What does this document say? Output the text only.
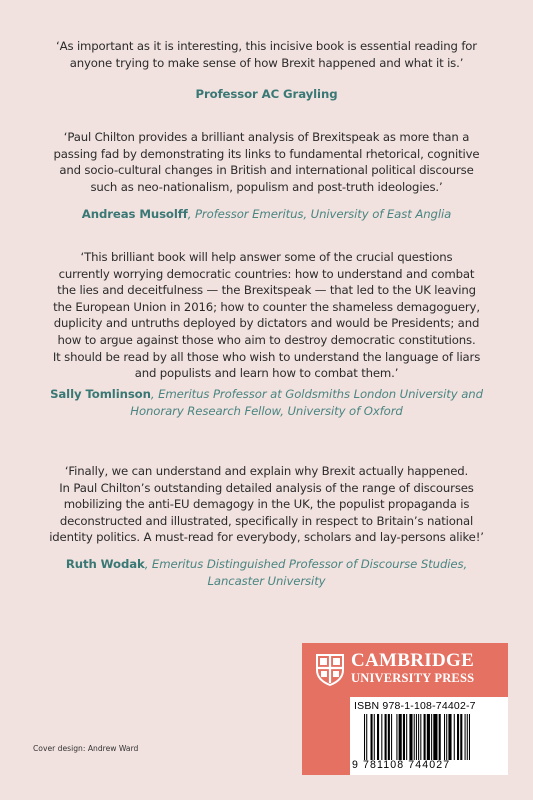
‘As important as it is interesting, this incisive book is essential reading for
anyone trying to make sense of how Brexit happened and what it is.’
Professor AC Grayling
‘Paul Chilton provides a brilliant analysis of Brexitspeak as more than a
passing fad by demonstrating its links to fundamental rhetorical, cognitive
and socio-cultural changes in British and international political discourse
such as neo-nationalism, populism and post-truth ideologies.’
Andreas Musolff, Professor Emeritus, University of East Anglia
‘This brilliant book will help answer some of the crucial questions
currently worrying democratic countries: how to understand and combat
the lies and deceitfulness — the Brexitspeak — that led to the UK leaving
the European Union in 2016; how to counter the shameless demagoguery,
duplicity and untruths deployed by dictators and would be Presidents; and
how to argue against those who aim to destroy democratic constitutions.
It should be read by all those who wish to understand the language of liars
and populists and learn how to combat them.’
Sally Tomlinson, Emeritus Professor at Goldsmiths London University and
Honorary Research Fellow, University of Oxford
‘Finally, we can understand and explain why Brexit actually happened.
In Paul Chilton’s outstanding detailed analysis of the range of discourses
mobilizing the anti-EU demagogy in the UK, the populist propaganda is
deconstructed and illustrated, specifically in respect to Britain’s national
identity politics. A must-read for everybody, scholars and lay-persons alike!’
Ruth Wodak, Emeritus Distinguished Professor of Discourse Studies,
Lancaster University
CAMBRIDGE
UNIVERSITY PRESS
ISBN 978-1-108-74402-7
9 781108 744027
Cover design: Andrew Ward
